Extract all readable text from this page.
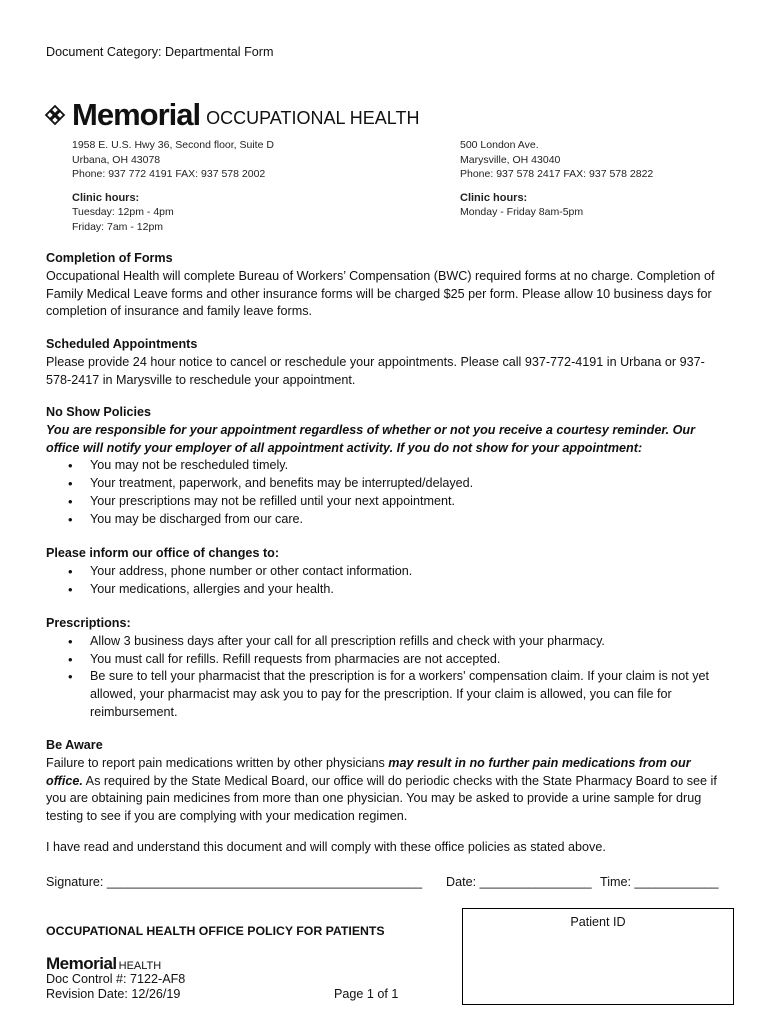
Document Category: Departmental Form
Memorial OCCUPATIONAL HEALTH
1958 E. U.S. Hwy 36, Second floor, Suite D
Urbana, OH 43078
Phone: 937 772 4191 FAX: 937 578 2002
Clinic hours:
Tuesday: 12pm - 4pm
Friday: 7am - 12pm
500 London Ave.
Marysville, OH 43040
Phone: 937 578 2417 FAX: 937 578 2822
Clinic hours:
Monday - Friday 8am-5pm
Completion of Forms

Occupational Health will complete Bureau of Workers’ Compensation (BWC) required forms at no charge. Completion of Family Medical Leave forms and other insurance forms will be charged $25 per form. Please allow 10 business days for completion of insurance and family leave forms.

Scheduled Appointments

Please provide 24 hour notice to cancel or reschedule your appointments. Please call 937-772-4191 in Urbana or 937-578-2417 in Marysville to reschedule your appointment.

No Show Policies

You are responsible for your appointment regardless of whether or not you receive a courtesy reminder. Our office will notify your employer of all appointment activity. If you do not show for your appointment:

• You may not be rescheduled timely.
• Your treatment, paperwork, and benefits may be interrupted/delayed.
• Your prescriptions may not be refilled until your next appointment.
• You may be discharged from our care.
Please inform our office of changes to:
• Your address, phone number or other contact information.
• Your medications, allergies and your health.
Prescriptions:
• Allow 3 business days after your call for all prescription refills and check with your pharmacy.
• You must call for refills. Refill requests from pharmacies are not accepted.
• Be sure to tell your pharmacist that the prescription is for a workers' compensation claim. If your claim is not yet allowed, your pharmacist may ask you to pay for the prescription. If your claim is allowed, you can file for reimbursement.
Be Aware

Failure to report pain medications written by other physicians may result in no further pain medications from our office. As required by the State Medical Board, our office will do periodic checks with the State Pharmacy Board to see if you are obtaining pain medicines from more than one physician. You may be asked to provide a urine sample for drug testing to see if you are complying with your medication regimen.

I have read and understand this document and will comply with these office policies as stated above.
Signature: _____________________________________________ Date: ________________ Time: ____________
OCCUPATIONAL HEALTH OFFICE POLICY FOR PATIENTS
Patient ID
Memorial HEALTH
Doc Control #: 7122-AF8
Revision Date: 12/26/19	Page 1 of 1
